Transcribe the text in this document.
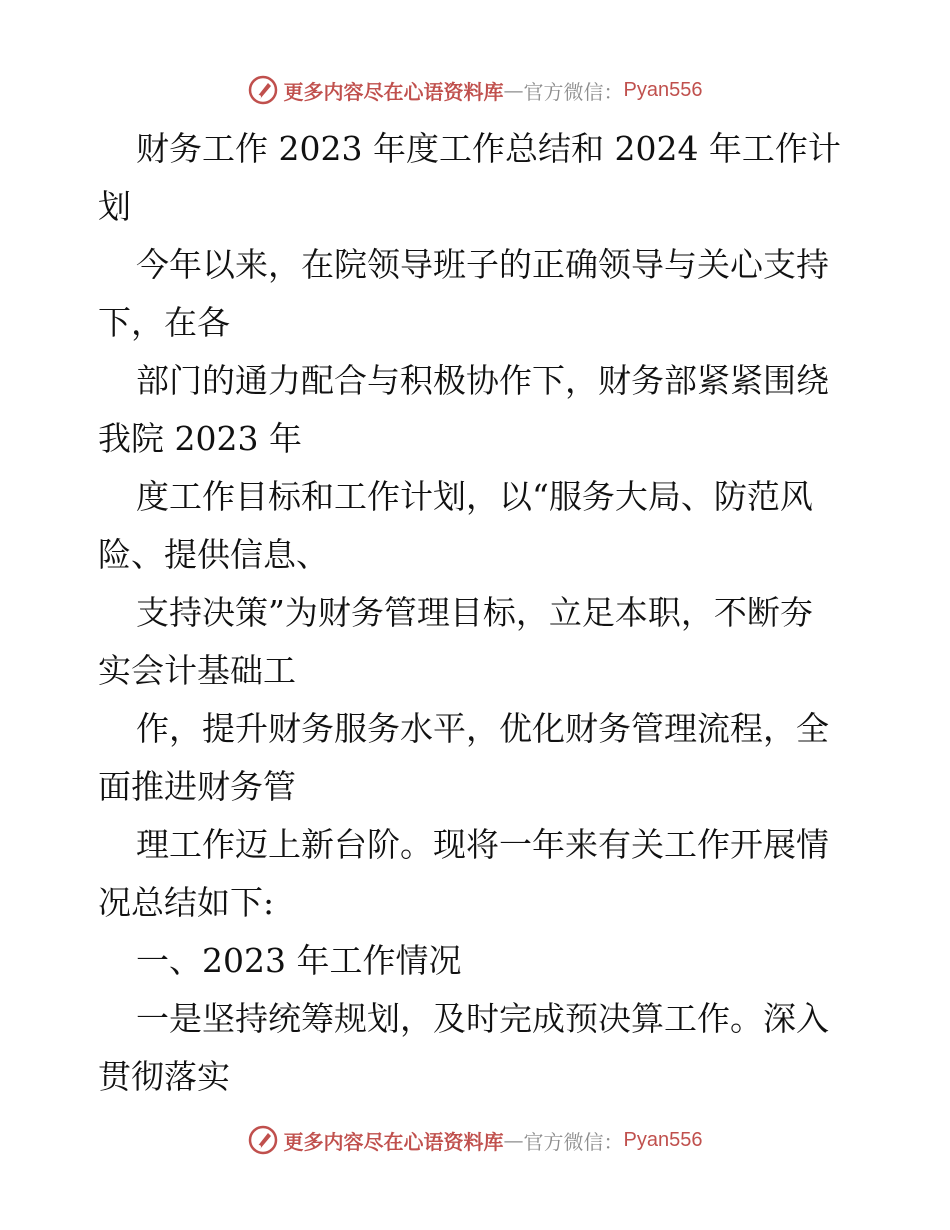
更多内容尽在心语资料库 — 官方微信： Pyan556
财务工作 2023 年度工作总结和 2024 年工作计
划
今年以来，在院领导班子的正确领导与关心支持
下，在各
部门的通力配合与积极协作下，财务部紧紧围绕
我院 2023 年
度工作目标和工作计划，以“服务大局、防范风
险、提供信息、
支持决策”为财务管理目标，立足本职，不断夯
实会计基础工
作，提升财务服务水平，优化财务管理流程，全
面推进财务管
理工作迈上新台阶。现将一年来有关工作开展情
况总结如下:
一、2023 年工作情况
一是坚持统筹规划，及时完成预决算工作。深入
贯彻落实
更多内容尽在心语资料库 — 官方微信： Pyan556
